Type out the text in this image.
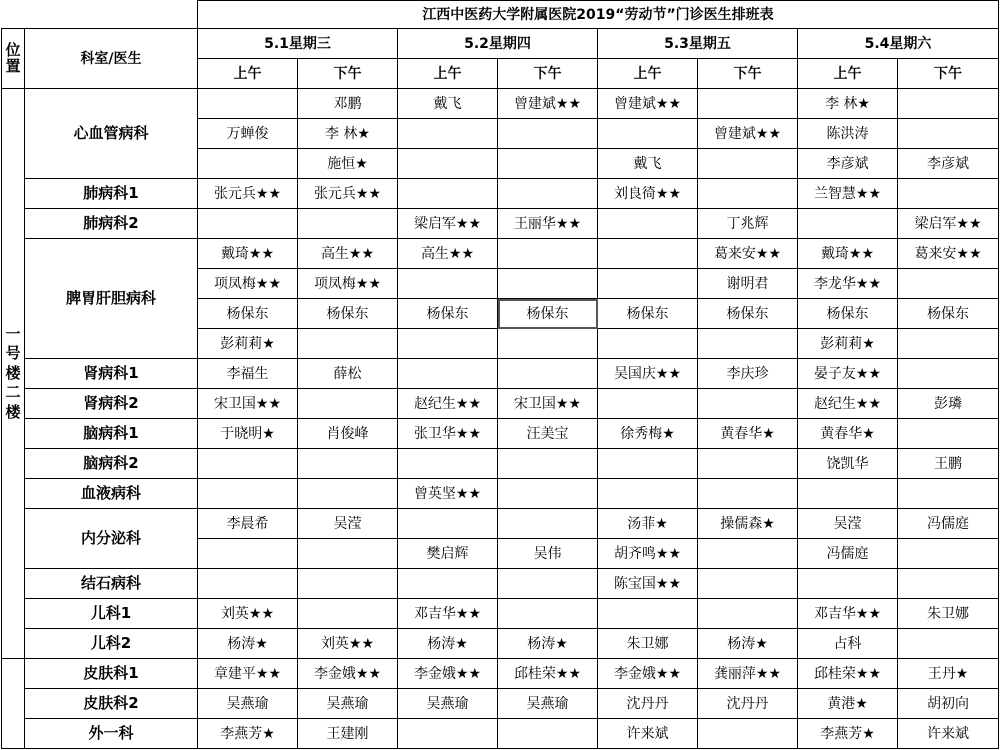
		江西中医药大学附属医院2019“劳动节”门诊医生排班表							
位置	科室/医生	5.1星期三		5.2星期四		5.3星期五		5.4星期六	
		上午	下午	上午	下午	上午	下午	上午	下午
一号楼二楼	心血管病科		邓鹏	戴飞	曾建斌★★	曾建斌★★		李 林★	
		万蝉俊	李 林★				曾建斌★★	陈洪涛	
			施恒★			戴飞		李彦斌	李彦斌
	肺病科1	张元兵★★	张元兵★★			刘良徛★★		兰智慧★★	
	肺病科2			梁启军★★	王丽华★★		丁兆辉		梁启军★★
	脾胃肝胆病科	戴琦★★	高生★★	高生★★			葛来安★★	戴琦★★	葛来安★★
		项凤梅★★	项凤梅★★				谢明君	李龙华★★	
		杨保东	杨保东	杨保东	杨保东	杨保东	杨保东	杨保东	杨保东
		彭莉莉★						彭莉莉★	
	肾病科1	李福生	薛松			吴国庆★★	李庆珍	晏子友★★	
	肾病科2	宋卫国★★		赵纪生★★	宋卫国★★			赵纪生★★	彭璘
	脑病科1	于晓明★	肖俊峰	张卫华★★	汪美宝	徐秀梅★	黄春华★	黄春华★	
	脑病科2							饶凯华	王鹏
	血液病科			曾英坚★★					
	内分泌科	李晨希	吴滢			汤菲★	操儒森★	吴滢	冯儒庭
				樊启辉	吴伟	胡齐鸣★★		冯儒庭	
	结石病科					陈宝国★★			
	儿科1	刘英★★		邓吉华★★				邓吉华★★	朱卫娜
	儿科2	杨涛★	刘英★★	杨涛★	杨涛★	朱卫娜	杨涛★	占科	
	皮肤科1	章建平★★	李金娥★★	李金娥★★	邱桂荣★★	李金娥★★	龚丽萍★★	邱桂荣★★	王丹★
	皮肤科2	吴燕瑜	吴燕瑜	吴燕瑜	吴燕瑜	沈丹丹	沈丹丹	黄港★	胡初向
	外一科	李燕芳★	王建刚			许来斌		李燕芳★	许来斌
